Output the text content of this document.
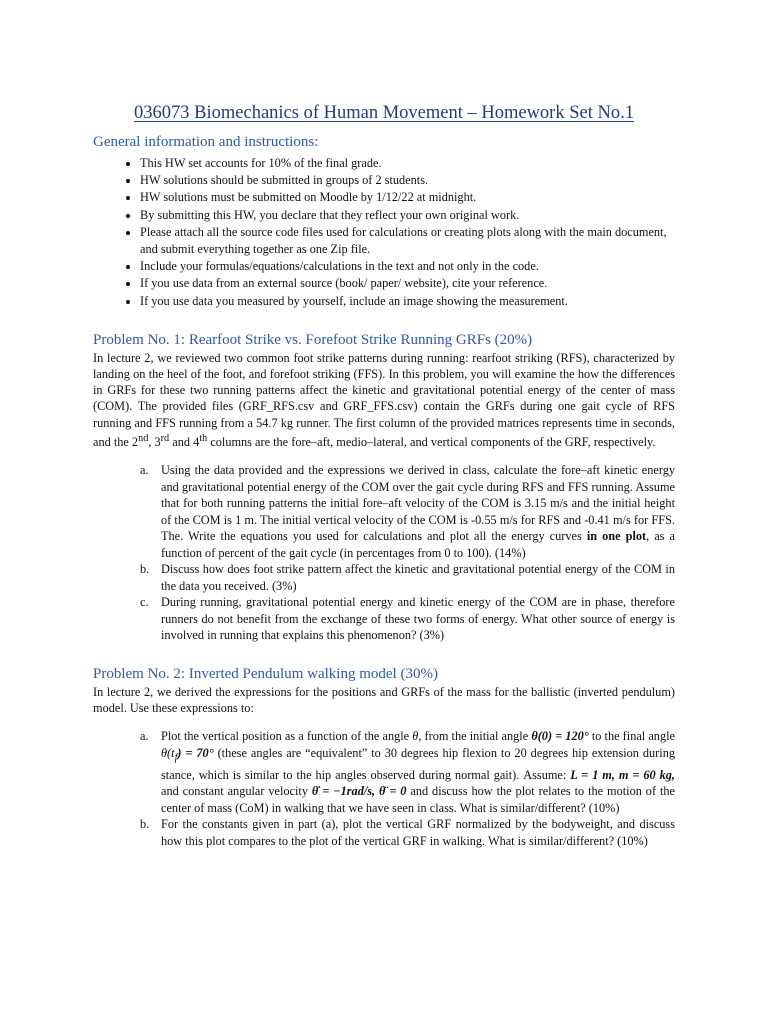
036073 Biomechanics of Human Movement – Homework Set No.1
General information and instructions:
• This HW set accounts for 10% of the final grade.
• HW solutions should be submitted in groups of 2 students.
• HW solutions must be submitted on Moodle by 1/12/22 at midnight.
• By submitting this HW, you declare that they reflect your own original work.
• Please attach all the source code files used for calculations or creating plots along with the main document, and submit everything together as one Zip file.
• Include your formulas/equations/calculations in the text and not only in the code.
• If you use data from an external source (book/ paper/ website), cite your reference.
• If you use data you measured by yourself, include an image showing the measurement.
Problem No. 1: Rearfoot Strike vs. Forefoot Strike Running GRFs (20%)

In lecture 2, we reviewed two common foot strike patterns during running: rearfoot striking (RFS), characterized by landing on the heel of the foot, and forefoot striking (FFS). In this problem, you will examine the how the differences in GRFs for these two running patterns affect the kinetic and gravitational potential energy of the center of mass (COM). The provided files (GRF_RFS.csv and GRF_FFS.csv) contain the GRFs during one gait cycle of RFS running and FFS running from a 54.7 kg runner. The first column of the provided matrices represents time in seconds, and the 2nd, 3rd and 4th columns are the fore–aft, medio–lateral, and vertical components of the GRF, respectively.

a. Using the data provided and the expressions we derived in class, calculate the fore–aft kinetic energy and gravitational potential energy of the COM over the gait cycle during RFS and FFS running. Assume that for both running patterns the initial fore–aft velocity of the COM is 3.15 m/s and the initial height of the COM is 1 m. The initial vertical velocity of the COM is -0.55 m/s for RFS and -0.41 m/s for FFS. The. Write the equations you used for calculations and plot all the energy curves in one plot, as a function of percent of the gait cycle (in percentages from 0 to 100). (14%)
b. Discuss how does foot strike pattern affect the kinetic and gravitational potential energy of the COM in the data you received. (3%)
c. During running, gravitational potential energy and kinetic energy of the COM are in phase, therefore runners do not benefit from the exchange of these two forms of energy. What other source of energy is involved in running that explains this phenomenon? (3%)
Problem No. 2: Inverted Pendulum walking model (30%)

In lecture 2, we derived the expressions for the positions and GRFs of the mass for the ballistic (inverted pendulum) model. Use these expressions to:

a. Plot the vertical position as a function of the angle θ, from the initial angle θ(0) = 120° to the final angle $\theta(t_f) = 70^\circ$ (these angles are “equivalent” to 30 degrees hip flexion to 20 degrees hip extension during stance, which is similar to the hip angles observed during normal gait). Assume: L = 1 m, m = 60 kg, and constant angular velocity θ̇ = −1rad/s, θ̈ = 0 and discuss how the plot relates to the motion of the center of mass (CoM) in walking that we have seen in class. What is similar/different? (10%)
b. For the constants given in part (a), plot the vertical GRF normalized by the bodyweight, and discuss how this plot compares to the plot of the vertical GRF in walking. What is similar/different? (10%)
